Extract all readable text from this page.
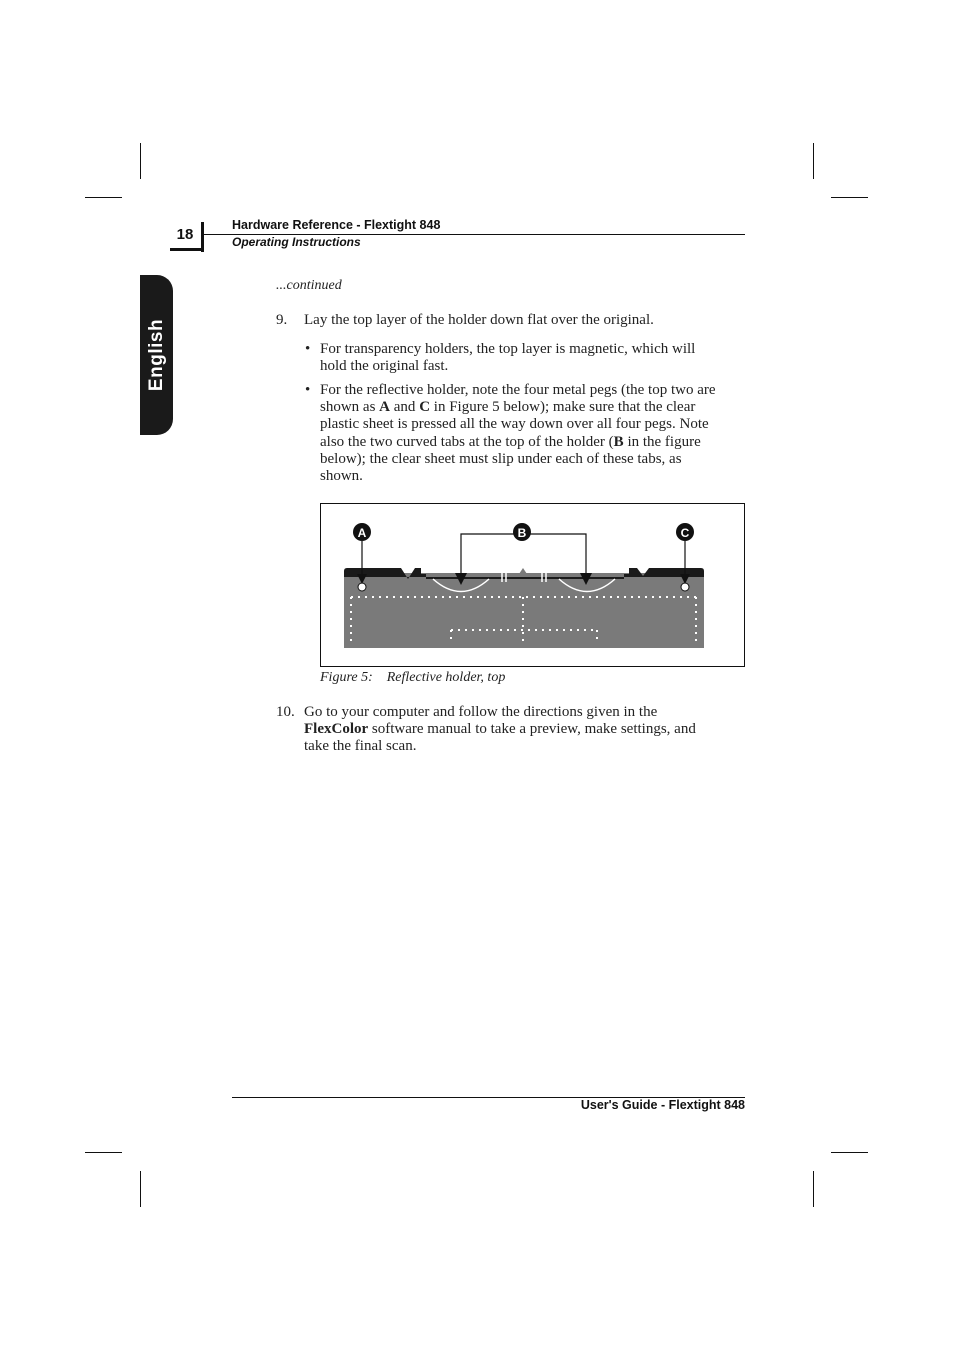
18
Hardware Reference - Flextight 848
Operating Instructions
English
...continued
9. Lay the top layer of the holder down flat over the original.
• For transparency holders, the top layer is magnetic, which will
hold the original fast.
• For the reflective holder, note the four metal pegs (the top two are
shown as A and C in Figure 5 below); make sure that the clear
plastic sheet is pressed all the way down over all four pegs. Note
also the two curved tabs at the top of the holder (B in the figure
below); the clear sheet must slip under each of these tabs, as
shown.
A	B	C
Figure 5: Reflective holder, top
10. Go to your computer and follow the directions given in the
FlexColor software manual to take a preview, make settings, and
take the final scan.
User's Guide - Flextight 848
